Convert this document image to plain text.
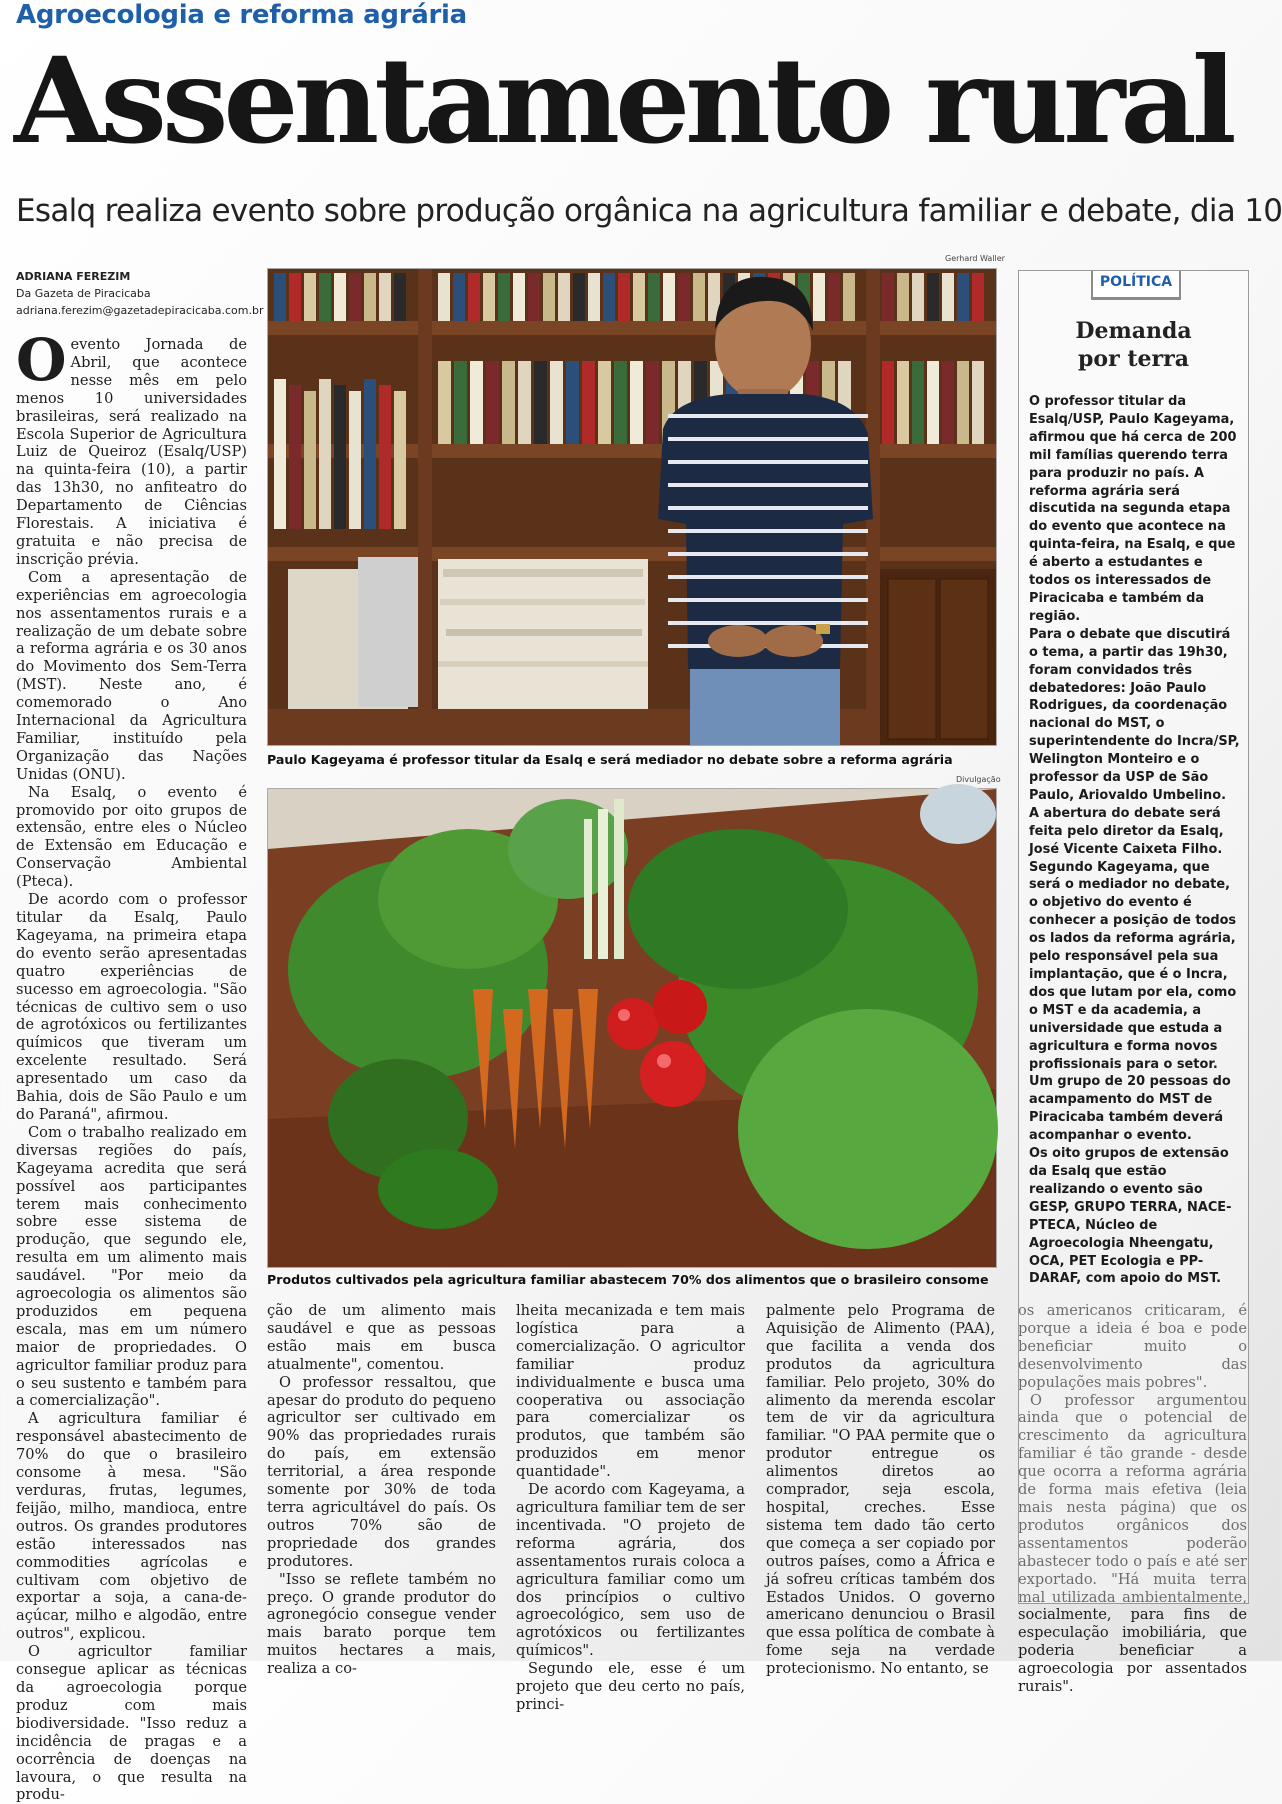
Agroecologia e reforma agrária
Assentamento rural
Esalq realiza evento sobre produção orgânica na agricultura familiar e debate, dia 10
ADRIANA FEREZIM
Da Gazeta de Piracicaba
adriana.ferezim@gazetadepiracicaba.com.br
O evento Jornada de Abril, que acontece nesse mês em pelo menos 10 universidades brasileiras, será realizado na Escola Superior de Agricultura Luiz de Queiroz (Esalq/USP) na quinta-feira (10), a partir das 13h30, no anfiteatro do Departamento de Ciências Florestais. A iniciativa é gratuita e não precisa de inscrição prévia.

Com a apresentação de experiências em agroecologia nos assentamentos rurais e a realização de um debate sobre a reforma agrária e os 30 anos do Movimento dos Sem-Terra (MST). Neste ano, é comemorado o Ano Internacional da Agricultura Familiar, instituído pela Organização das Nações Unidas (ONU).

Na Esalq, o evento é promovido por oito grupos de extensão, entre eles o Núcleo de Extensão em Educação e Conservação Ambiental (Pteca).

De acordo com o professor titular da Esalq, Paulo Kageyama, na primeira etapa do evento serão apresentadas quatro experiências de sucesso em agroecologia. "São técnicas de cultivo sem o uso de agrotóxicos ou fertilizantes químicos que tiveram um excelente resultado. Será apresentado um caso da Bahia, dois de São Paulo e um do Paraná", afirmou.

Com o trabalho realizado em diversas regiões do país, Kageyama acredita que será possível aos participantes terem mais conhecimento sobre esse sistema de produção, que segundo ele, resulta em um alimento mais saudável. "Por meio da agroecologia os alimentos são produzidos em pequena escala, mas em um número maior de propriedades. O agricultor familiar produz para o seu sustento e também para a comercialização".

A agricultura familiar é responsável abastecimento de 70% do que o brasileiro consome à mesa. "São verduras, frutas, legumes, feijão, milho, mandioca, entre outros. Os grandes produtores estão interessados nas commodities agrícolas e cultivam com objetivo de exportar a soja, a cana-de-açúcar, milho e algodão, entre outros", explicou.

O agricultor familiar consegue aplicar as técnicas da agroecologia porque produz com mais biodiversidade. "Isso reduz a incidência de pragas e a ocorrência de doenças na lavoura, o que resulta na produ-

Gerhard Waller
Paulo Kageyama é professor titular da Esalq e será mediador no debate sobre a reforma agrária
Divulgação
Produtos cultivados pela agricultura familiar abastecem 70% dos alimentos que o brasileiro consome

ção de um alimento mais saudável e que as pessoas estão mais em busca atualmente", comentou.

O professor ressaltou, que apesar do produto do pequeno agricultor ser cultivado em 90% das propriedades rurais do país, em extensão territorial, a área responde somente por 30% de toda terra agricultável do país. Os outros 70% são de propriedade dos grandes produtores.

"Isso se reflete também no preço. O grande produtor do agronegócio consegue vender mais barato porque tem muitos hectares a mais, realiza a co-

lheita mecanizada e tem mais logística para a comercialização. O agricultor familiar produz individualmente e busca uma cooperativa ou associação para comercializar os produtos, que também são produzidos em menor quantidade".

De acordo com Kageyama, a agricultura familiar tem de ser incentivada. "O projeto de reforma agrária, dos assentamentos rurais coloca a agricultura familiar como um dos princípios o cultivo agroecológico, sem uso de agrotóxicos ou fertilizantes químicos".

Segundo ele, esse é um projeto que deu certo no país, princi-

palmente pelo Programa de Aquisição de Alimento (PAA), que facilita a venda dos produtos da agricultura familiar. Pelo projeto, 30% do alimento da merenda escolar tem de vir da agricultura familiar. "O PAA permite que o produtor entregue os alimentos diretos ao comprador, seja escola, hospital, creches. Esse sistema tem dado tão certo que começa a ser copiado por outros países, como a África e já sofreu críticas também dos Estados Unidos. O governo americano denunciou o Brasil que essa política de combate à fome seja na verdade protecionismo. No entanto, se

os americanos criticaram, é porque a ideia é boa e pode beneficiar muito o desenvolvimento das populações mais pobres".

O professor argumentou ainda que o potencial de crescimento da agricultura familiar é tão grande - desde que ocorra a reforma agrária de forma mais efetiva (leia mais nesta página) que os produtos orgânicos dos assentamentos poderão abastecer todo o país e até ser exportado. "Há muita terra mal utilizada ambientalmente, socialmente, para fins de especulação imobiliária, que poderia beneficiar a agroecologia por assentados rurais".

POLÍTICA
Demanda por terra

O professor titular da Esalq/USP, Paulo Kageyama, afirmou que há cerca de 200 mil famílias querendo terra para produzir no país. A reforma agrária será discutida na segunda etapa do evento que acontece na quinta-feira, na Esalq, e que é aberto a estudantes e todos os interessados de Piracicaba e também da região.

Para o debate que discutirá o tema, a partir das 19h30, foram convidados três debatedores: João Paulo Rodrigues, da coordenação nacional do MST, o superintendente do Incra/SP, Welington Monteiro e o professor da USP de São Paulo, Ariovaldo Umbelino.

A abertura do debate será feita pelo diretor da Esalq, José Vicente Caixeta Filho.

Segundo Kageyama, que será o mediador no debate, o objetivo do evento é conhecer a posição de todos os lados da reforma agrária, pelo responsável pela sua implantação, que é o Incra, dos que lutam por ela, como o MST e da academia, a universidade que estuda a agricultura e forma novos profissionais para o setor.

Um grupo de 20 pessoas do acampamento do MST de Piracicaba também deverá acompanhar o evento.

Os oito grupos de extensão da Esalq que estão realizando o evento são GESP, GRUPO TERRA, NACE-PTECA, Núcleo de Agroecologia Nheengatu, OCA, PET Ecologia e PP-DARAF, com apoio do MST.
